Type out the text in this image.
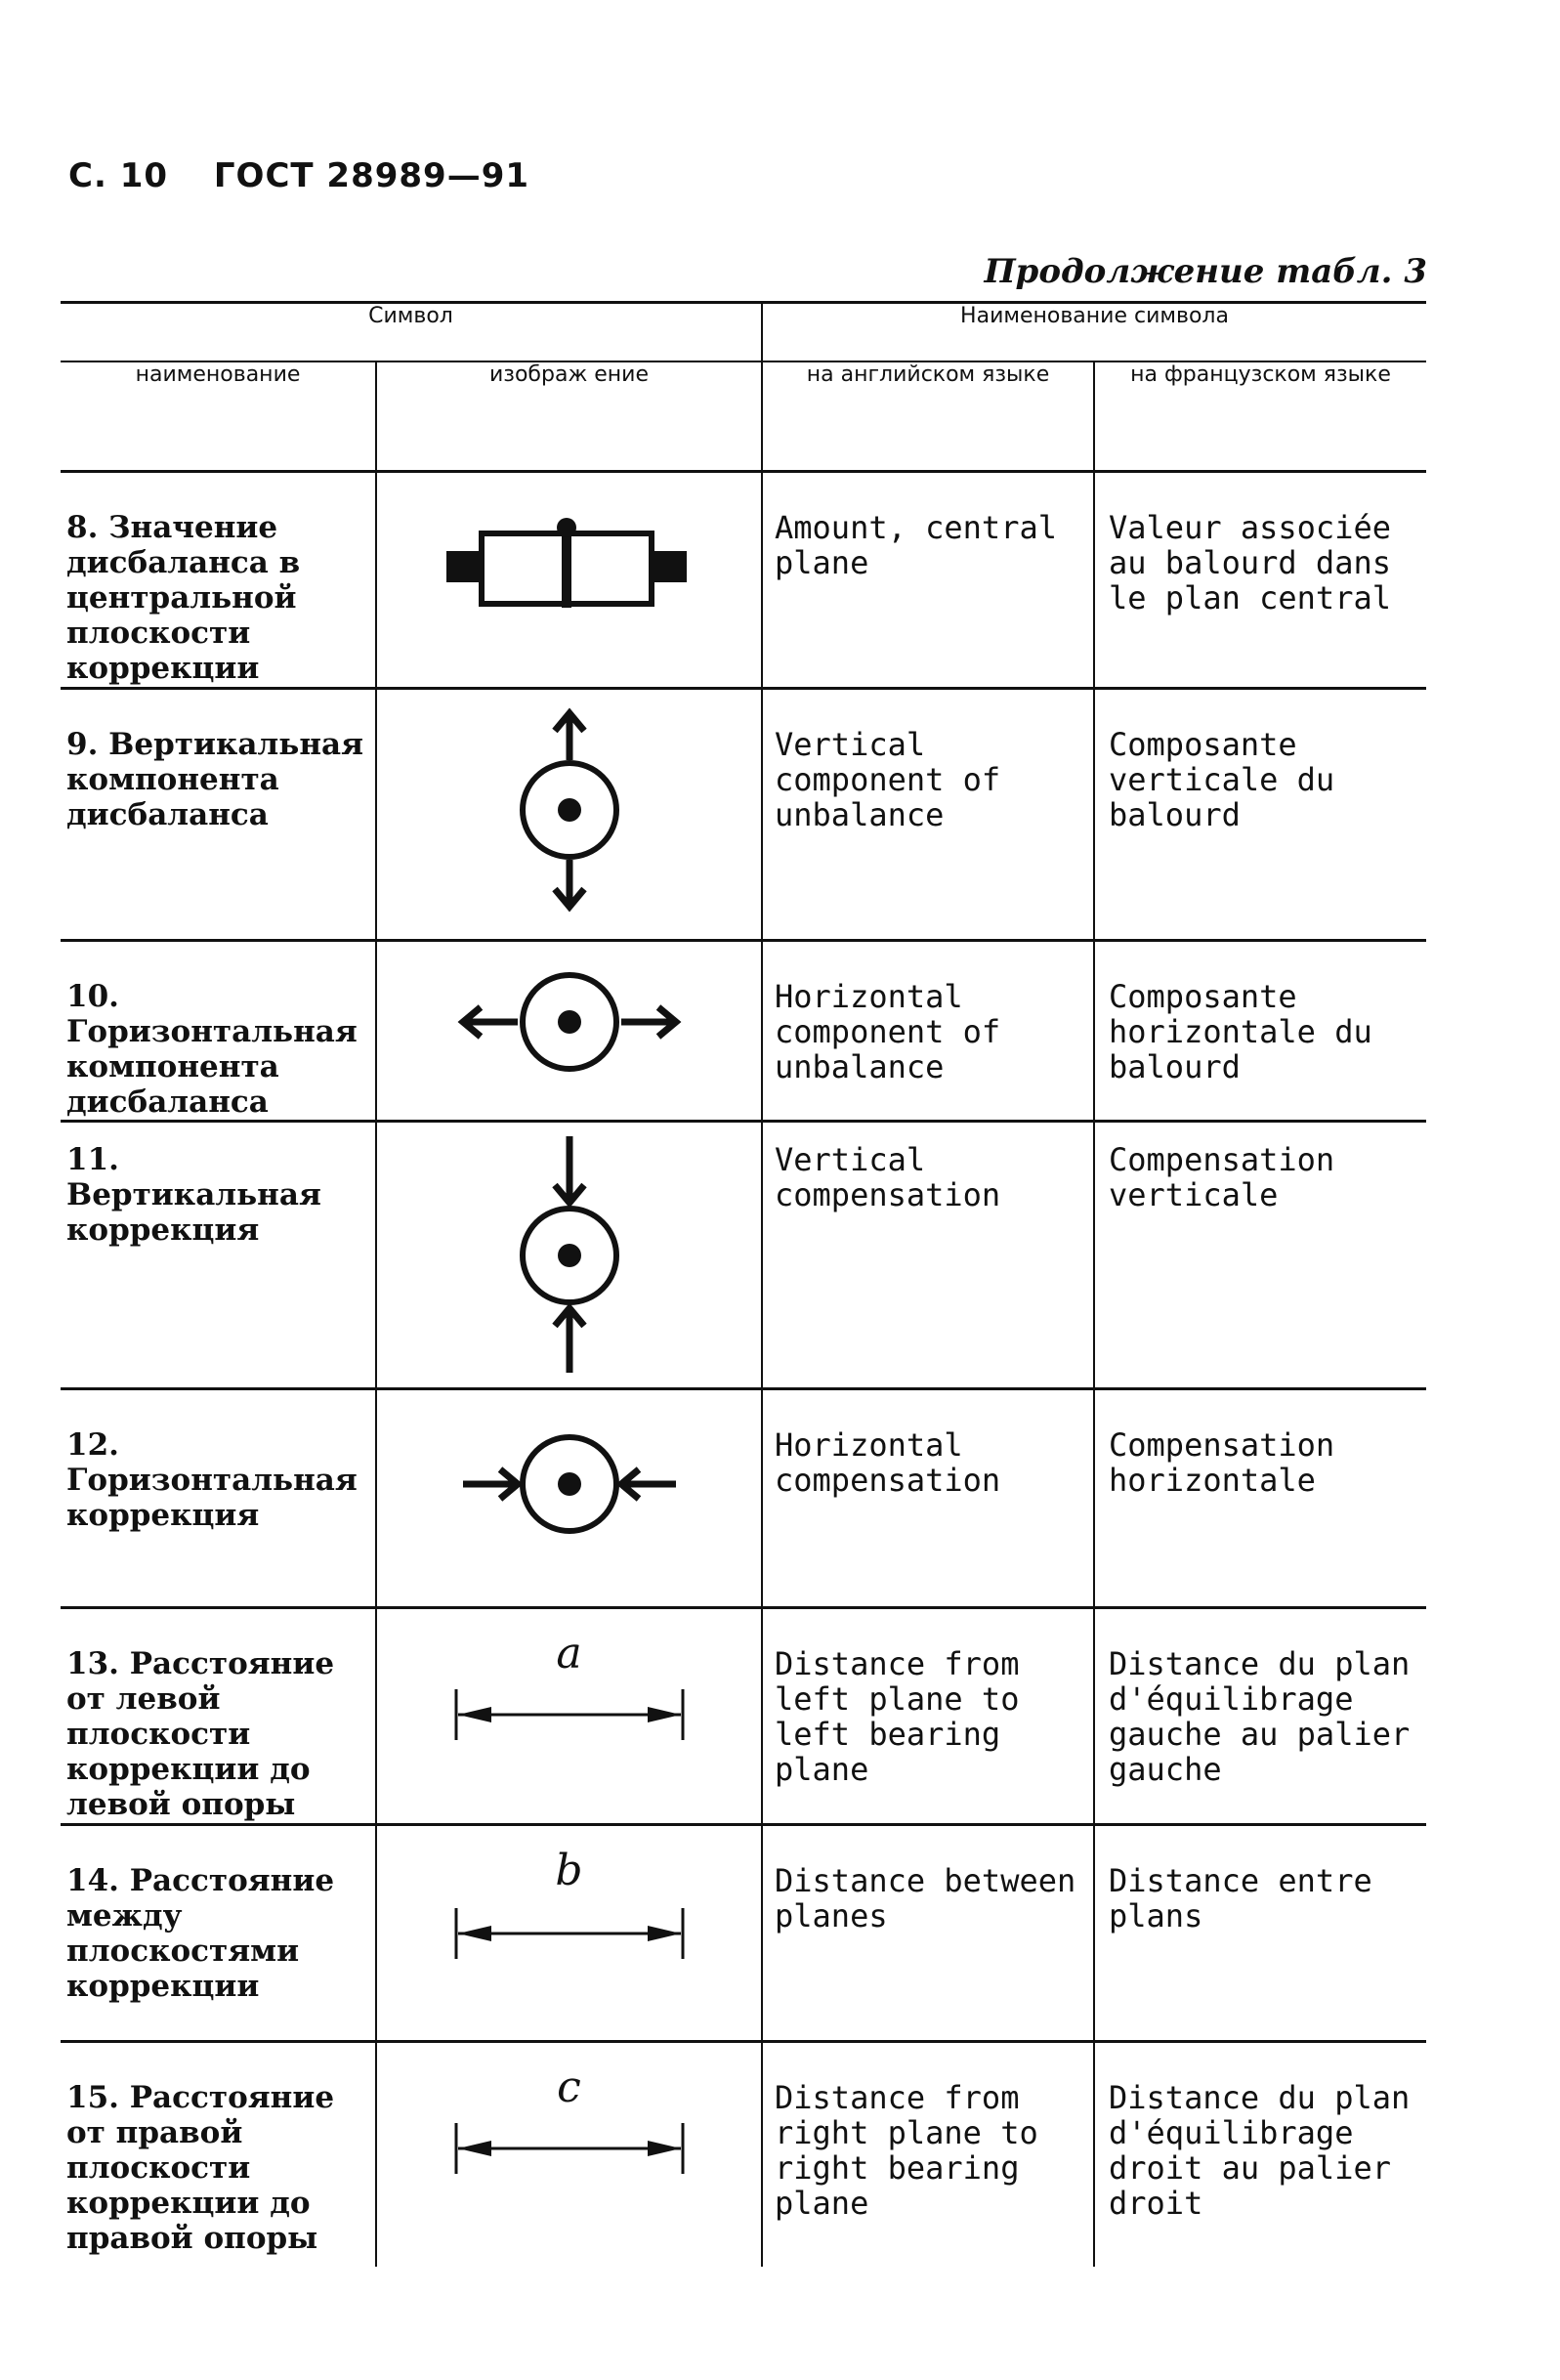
С. 10 ГОСТ 28989—91
Продолжение табл. 3
Символ		Наименование символа	
наименование	изображ ение	на английском языке	на французском языке
8. Значение дисбаланса в центральной плоскости коррекции		Amount, central plane	Valeur associée au balourd dans le plan central
9. Вертикальная компонента дисбаланса		Vertical component of unbalance	Composante verticale du balourd
10. Горизонтальная компонента дисбаланса		Horizontal component of unbalance	Composante horizontale du balourd
11. Вертикальная коррекция		Vertical compensation	Compensation verticale
12. Горизонтальная коррекция		Horizontal compensation	Compensation horizontale
13. Расстояние от левой плоскости коррекции до левой опоры	a	Distance from left plane to left bearing plane	Distance du plan d'équilibrage gauche au palier gauche
14. Расстояние между плоскостями коррекции	b	Distance between planes	Distance entre plans
15. Расстояние от правой плоскости коррекции до правой опоры	c	Distance from right plane to right bearing plane	Distance du plan d'équilibrage droit au palier droit
